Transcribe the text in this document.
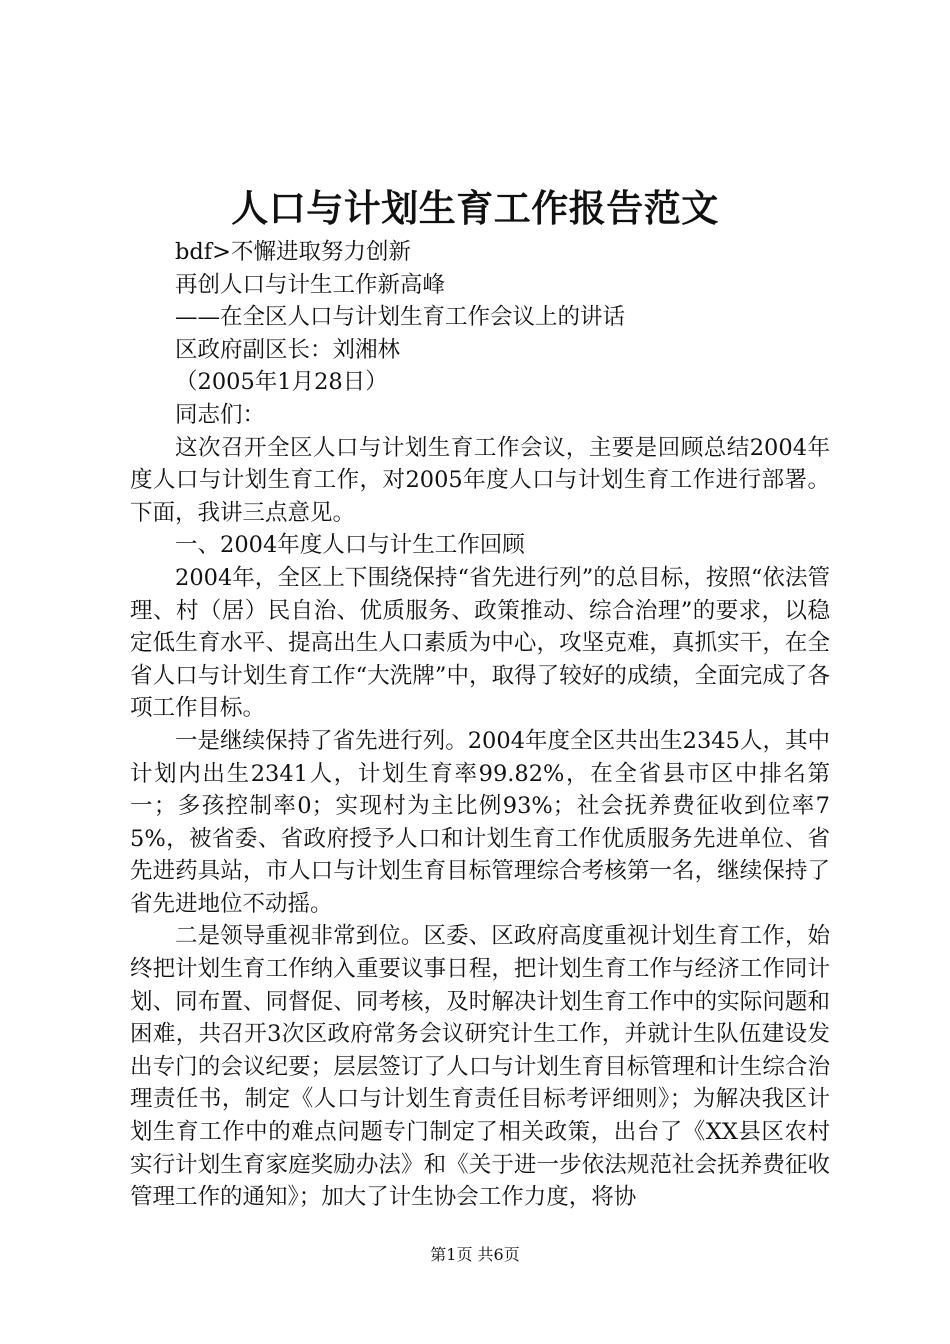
人口与计划生育工作报告范文

bdf>不懈进取努力创新

再创人口与计生工作新高峰

——在全区人口与计划生育工作会议上的讲话

区政府副区长：刘湘林

（2005年1月28日）

同志们：

这次召开全区人口与计划生育工作会议，主要是回顾总结2004年度人口与计划生育工作，对2005年度人口与计划生育工作进行部署。下面，我讲三点意见。

一、2004年度人口与计生工作回顾

2004年，全区上下围绕保持“省先进行列”的总目标，按照“依法管理、村（居）民自治、优质服务、政策推动、综合治理”的要求，以稳定低生育水平、提高出生人口素质为中心，攻坚克难，真抓实干，在全省人口与计划生育工作“大洗牌”中，取得了较好的成绩，全面完成了各项工作目标。

一是继续保持了省先进行列。2004年度全区共出生2345人，其中计划内出生2341人，计划生育率99.82%，在全省县市区中排名第一；多孩控制率0；实现村为主比例93%；社会抚养费征收到位率75%，被省委、省政府授予人口和计划生育工作优质服务先进单位、省先进药具站，市人口与计划生育目标管理综合考核第一名，继续保持了省先进地位不动摇。

二是领导重视非常到位。区委、区政府高度重视计划生育工作，始终把计划生育工作纳入重要议事日程，把计划生育工作与经济工作同计划、同布置、同督促、同考核，及时解决计划生育工作中的实际问题和困难，共召开3次区政府常务会议研究计生工作，并就计生队伍建设发出专门的会议纪要；层层签订了人口与计划生育目标管理和计生综合治理责任书，制定《人口与计划生育责任目标考评细则》；为解决我区计划生育工作中的难点问题专门制定了相关政策，出台了《XX县区农村实行计划生育家庭奖励办法》和《关于进一步依法规范社会抚养费征收管理工作的通知》；加大了计生协会工作力度，将协

第1页 共6页
